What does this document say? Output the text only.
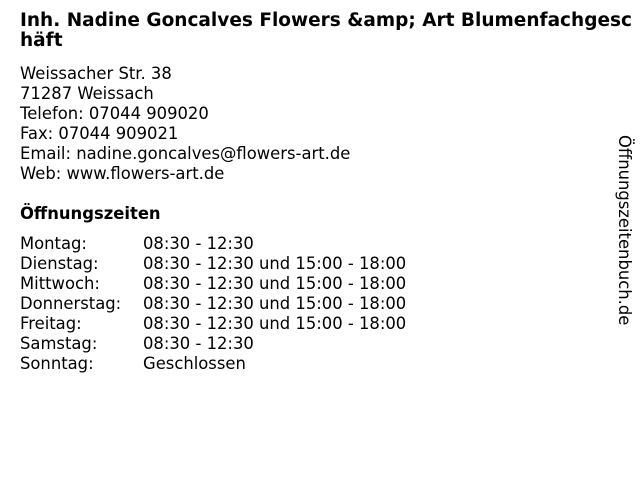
Inh. Nadine Goncalves Flowers &amp; Art Blumenfachgeschäft
Weissacher Str. 38
71287 Weissach
Telefon: 07044 909020
Fax: 07044 909021
Email: nadine.goncalves@flowers-art.de
Web: www.flowers-art.de
Öffnungszeiten
Montag:	08:30 - 12:30
Dienstag:	08:30 - 12:30 und 15:00 - 18:00
Mittwoch:	08:30 - 12:30 und 15:00 - 18:00
Donnerstag:	08:30 - 12:30 und 15:00 - 18:00
Freitag:	08:30 - 12:30 und 15:00 - 18:00
Samstag:	08:30 - 12:30
Sonntag:	Geschlossen
Öffnungszeitenbuch.de
